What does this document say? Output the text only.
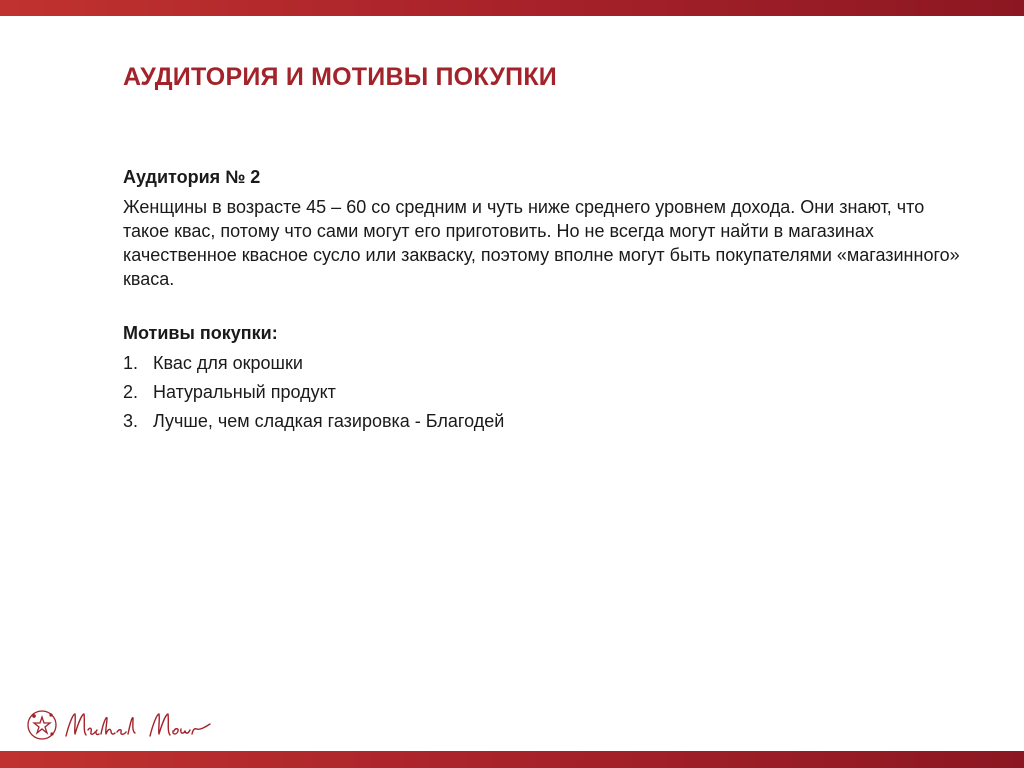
АУДИТОРИЯ И МОТИВЫ ПОКУПКИ

Аудитория № 2

Женщины в возрасте 45 – 60 со средним и чуть ниже среднего уровнем дохода. Они знают, что такое квас, потому что сами могут его приготовить. Но не всегда могут найти в магазинах качественное квасное сусло или закваску, поэтому вполне могут быть покупателями «магазинного» кваса.

Мотивы покупки:

1. Квас для окрошки
2. Натуральный продукт
3. Лучше, чем сладкая газировка - Благодей
